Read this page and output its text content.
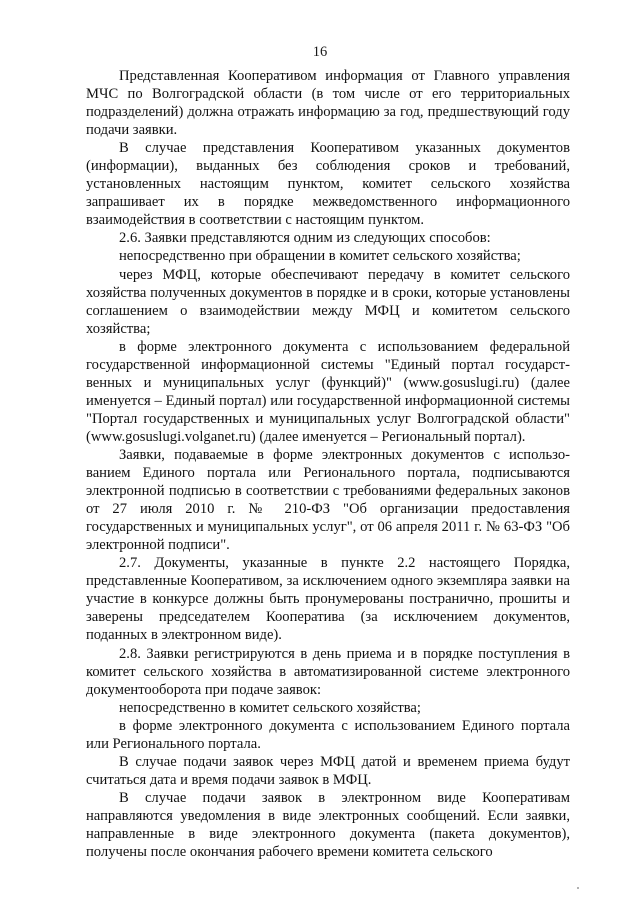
16

Представленная Кооперативом информация от Главного управления МЧС по Волгоградской области (в том числе от его территориальных подразделений) должна отражать информацию за год, предшествующий году подачи заявки.

В случае представления Кооперативом указанных документов (информации), выданных без соблюдения сроков и требований, установленных настоящим пунктом, комитет сельского хозяйства запрашивает их в порядке межведомственного информационного взаимодействия в соответствии с настоящим пунктом.

2.6. Заявки представляются одним из следующих способов:

непосредственно при обращении в комитет сельского хозяйства;

через МФЦ, которые обеспечивают передачу в комитет сельского хозяйства полученных документов в порядке и в сроки, которые установлены соглашением о взаимодействии между МФЦ и комитетом сельского хозяйства;

в форме электронного документа с использованием федеральной государственной информационной системы "Единый портал государственных и муниципальных услуг (функций)" (www.gosuslugi.ru) (далее именуется – Единый портал) или государственной информационной системы "Портал государственных и муниципальных услуг Волгоградской области" (www.gosuslugi.volganet.ru) (далее именуется – Региональный портал).

Заявки, подаваемые в форме электронных документов с использованием Единого портала или Регионального портала, подписываются электронной подписью в соответствии с требованиями федеральных законов от 27 июля 2010 г. № 210-ФЗ "Об организации предоставления государственных и муниципальных услуг", от 06 апреля 2011 г. № 63-ФЗ "Об электронной подписи".

2.7. Документы, указанные в пункте 2.2 настоящего Порядка, представленные Кооперативом, за исключением одного экземпляра заявки на участие в конкурсе должны быть пронумерованы постранично, прошиты и заверены председателем Кооператива (за исключением документов, поданных в электронном виде).

2.8. Заявки регистрируются в день приема и в порядке поступления в комитет сельского хозяйства в автоматизированной системе электронного документооборота при подаче заявок:

непосредственно в комитет сельского хозяйства;

в форме электронного документа с использованием Единого портала или Регионального портала.

В случае подачи заявок через МФЦ датой и временем приема будут считаться дата и время подачи заявок в МФЦ.

В случае подачи заявок в электронном виде Кооперативам направляются уведомления в виде электронных сообщений. Если заявки, направленные в виде электронного документа (пакета документов), получены после окончания рабочего времени комитета сельского
